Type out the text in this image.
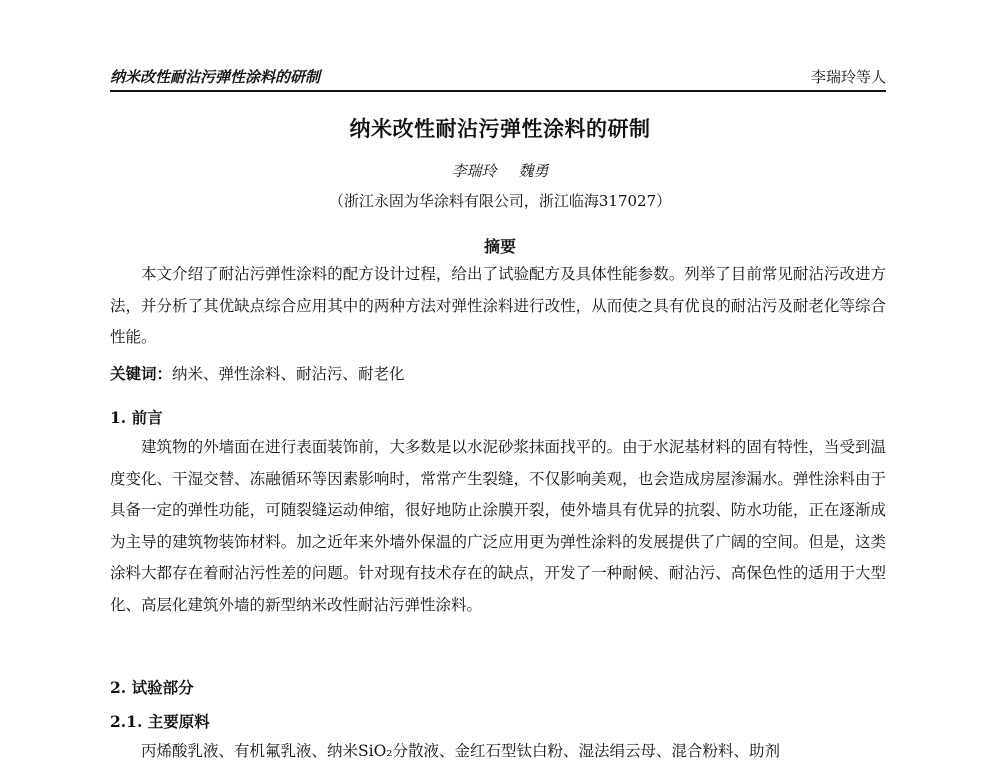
纳米改性耐沾污弹性涂料的研制	李瑞玲等人
纳米改性耐沾污弹性涂料的研制
李瑞玲 魏勇
（浙江永固为华涂料有限公司，浙江临海317027）
摘要

本文介绍了耐沾污弹性涂料的配方设计过程，给出了试验配方及具体性能参数。列举了目前常见耐沾污改进方法，并分析了其优缺点综合应用其中的两种方法对弹性涂料进行改性，从而使之具有优良的耐沾污及耐老化等综合性能。

关键词：纳米、弹性涂料、耐沾污、耐老化
1. 前言

建筑物的外墙面在进行表面装饰前，大多数是以水泥砂浆抹面找平的。由于水泥基材料的固有特性，当受到温度变化、干湿交替、冻融循环等因素影响时，常常产生裂缝，不仅影响美观，也会造成房屋渗漏水。弹性涂料由于具备一定的弹性功能，可随裂缝运动伸缩，很好地防止涂膜开裂，使外墙具有优异的抗裂、防水功能，正在逐渐成为主导的建筑物装饰材料。加之近年来外墙外保温的广泛应用更为弹性涂料的发展提供了广阔的空间。但是，这类涂料大都存在着耐沾污性差的问题。针对现有技术存在的缺点，开发了一种耐候、耐沾污、高保色性的适用于大型化、高层化建筑外墙的新型纳米改性耐沾污弹性涂料。

2. 试验部分
2.1. 主要原料

丙烯酸乳液、有机氟乳液、纳米SiO₂分散液、金红石型钛白粉、湿法绢云母、混合粉料、助剂
